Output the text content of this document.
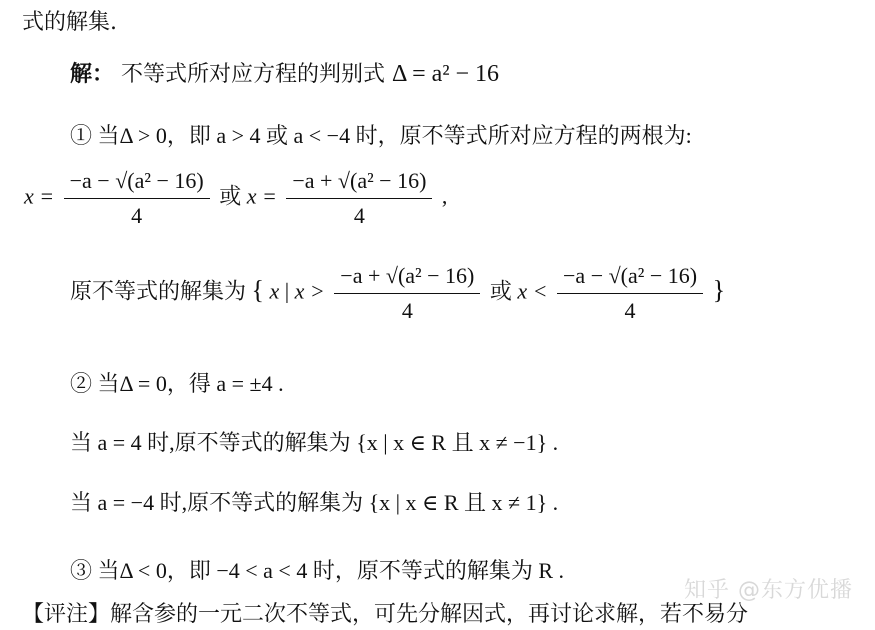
式的解集.
解： 不等式所对应方程的判别式 Δ = a² − 16
① 当Δ > 0，即 a > 4 或 a < −4 时，原不等式所对应方程的两根为:
$x = \frac{\text{−a − √(a² − 16)}}{4}$ 或 $x = \frac{\text{−a + √(a² − 16)}}{4}$ ,
原不等式的解集为 { x | $x > \frac{\text{−a + √(a² − 16)}}{4}$ 或 $x < \frac{\text{−a − √(a² − 16)}}{4}$ }
② 当Δ = 0，得 a = ±4 .
当 a = 4 时,原不等式的解集为 {x | x ∈ R 且 x ≠ −1} .
当 a = −4 时,原不等式的解集为 {x | x ∈ R 且 x ≠ 1} .
③ 当Δ < 0，即 −4 < a < 4 时，原不等式的解集为 R .
【评注】解含参的一元二次不等式，可先分解因式，再讨论求解，若不易分
知乎 @东方优播
